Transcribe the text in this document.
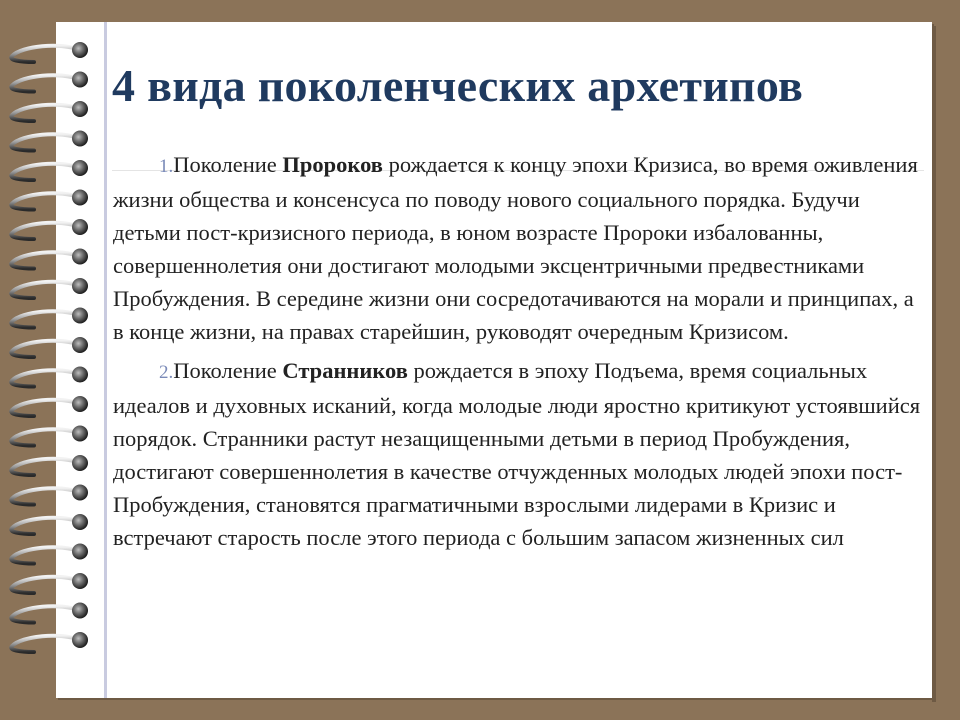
4 вида поколенческих архетипов

1.Поколение Пророков рождается к концу эпохи Кризиса, во время оживления жизни общества и консенсуса по поводу нового социального порядка. Будучи детьми пост-кризисного периода, в юном возрасте Пророки избалованны, совершеннолетия они достигают молодыми эксцентричными предвестниками Пробуждения. В середине жизни они сосредотачиваются на морали и принципах, а в конце жизни, на правах старейшин, руководят очередным Кризисом.

2.Поколение Странников рождается в эпоху Подъема, время социальных идеалов и духовных исканий, когда молодые люди яростно критикуют устоявшийся порядок. Странники растут незащищенными детьми в период Пробуждения, достигают совершеннолетия в качестве отчужденных молодых людей эпохи пост-Пробуждения, становятся прагматичными взрослыми лидерами в Кризис и встречают старость после этого периода с большим запасом жизненных сил
